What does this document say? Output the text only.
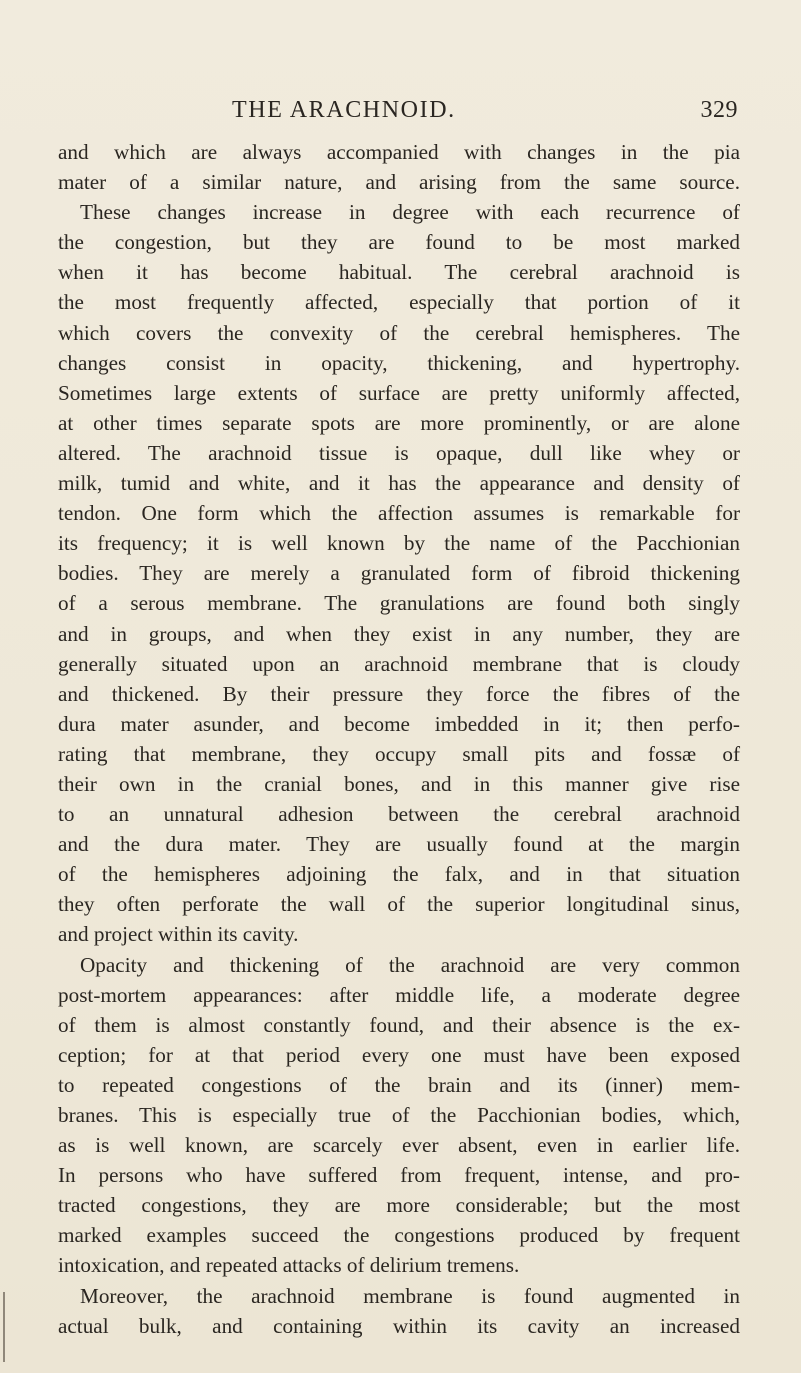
THE ARACHNOID.	329
and which are always accompanied with changes in the pia
mater of a similar nature, and arising from the same source.
These changes increase in degree with each recurrence of
the congestion, but they are found to be most marked
when it has become habitual. The cerebral arachnoid is
the most frequently affected, especially that portion of it
which covers the convexity of the cerebral hemispheres. The
changes consist in opacity, thickening, and hypertrophy.
Sometimes large extents of surface are pretty uniformly affected,
at other times separate spots are more prominently, or are alone
altered. The arachnoid tissue is opaque, dull like whey or
milk, tumid and white, and it has the appearance and density of
tendon. One form which the affection assumes is remarkable for
its frequency; it is well known by the name of the Pacchionian
bodies. They are merely a granulated form of fibroid thickening
of a serous membrane. The granulations are found both singly
and in groups, and when they exist in any number, they are
generally situated upon an arachnoid membrane that is cloudy
and thickened. By their pressure they force the fibres of the
dura mater asunder, and become imbedded in it; then perfo-
rating that membrane, they occupy small pits and fossæ of
their own in the cranial bones, and in this manner give rise
to an unnatural adhesion between the cerebral arachnoid
and the dura mater. They are usually found at the margin
of the hemispheres adjoining the falx, and in that situation
they often perforate the wall of the superior longitudinal sinus,
and project within its cavity.
Opacity and thickening of the arachnoid are very common
post-mortem appearances: after middle life, a moderate degree
of them is almost constantly found, and their absence is the ex-
ception; for at that period every one must have been exposed
to repeated congestions of the brain and its (inner) mem-
branes. This is especially true of the Pacchionian bodies, which,
as is well known, are scarcely ever absent, even in earlier life.
In persons who have suffered from frequent, intense, and pro-
tracted congestions, they are more considerable; but the most
marked examples succeed the congestions produced by frequent
intoxication, and repeated attacks of delirium tremens.
Moreover, the arachnoid membrane is found augmented in
actual bulk, and containing within its cavity an increased
